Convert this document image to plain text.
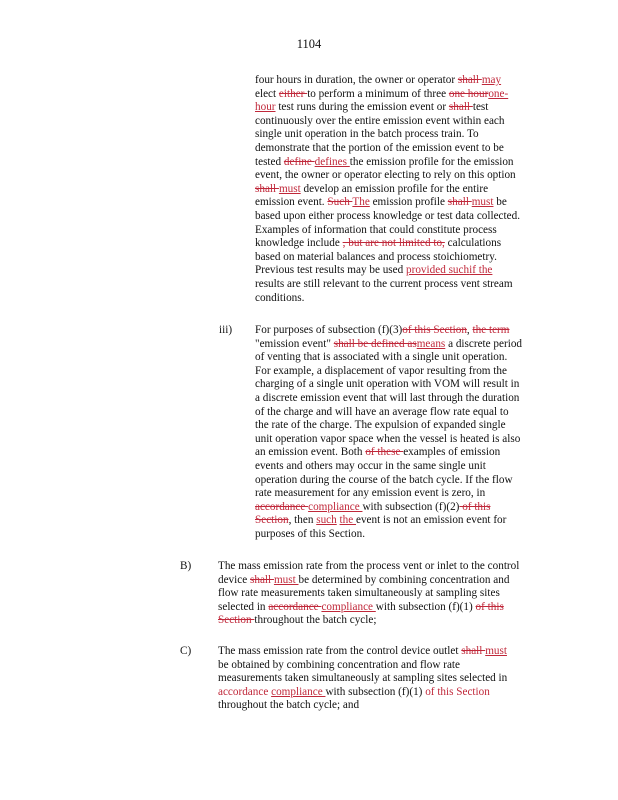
1104
four hours in duration, the owner or operator shall may
elect either to perform a minimum of three one hourone-
hour test runs during the emission event or shall test
continuously over the entire emission event within each
single unit operation in the batch process train. To
demonstrate that the portion of the emission event to be
tested define defines the emission profile for the emission
event, the owner or operator electing to rely on this option
shall must develop an emission profile for the entire
emission event. Such The emission profile shall must be
based upon either process knowledge or test data collected.
Examples of information that could constitute process
knowledge include , but are not limited to, calculations
based on material balances and process stoichiometry.
Previous test results may be used provided suchif the
results are still relevant to the current process vent stream
conditions.
iii) For purposes of subsection (f)(3)of this Section, the term
"emission event" shall be defined asmeans a discrete period
of venting that is associated with a single unit operation.
For example, a displacement of vapor resulting from the
charging of a single unit operation with VOM will result in
a discrete emission event that will last through the duration
of the charge and will have an average flow rate equal to
the rate of the charge. The expulsion of expanded single
unit operation vapor space when the vessel is heated is also
an emission event. Both of these examples of emission
events and others may occur in the same single unit
operation during the course of the batch cycle. If the flow
rate measurement for any emission event is zero, in
accordance compliance with subsection (f)(2) of this
Section, then such the event is not an emission event for
purposes of this Section.
B) The mass emission rate from the process vent or inlet to the control
device shall must be determined by combining concentration and
flow rate measurements taken simultaneously at sampling sites
selected in accordance compliance with subsection (f)(1) of this
Section throughout the batch cycle;
C) The mass emission rate from the control device outlet shall must
be obtained by combining concentration and flow rate
measurements taken simultaneously at sampling sites selected in
accordance compliance with subsection (f)(1) of this Section
throughout the batch cycle; and
